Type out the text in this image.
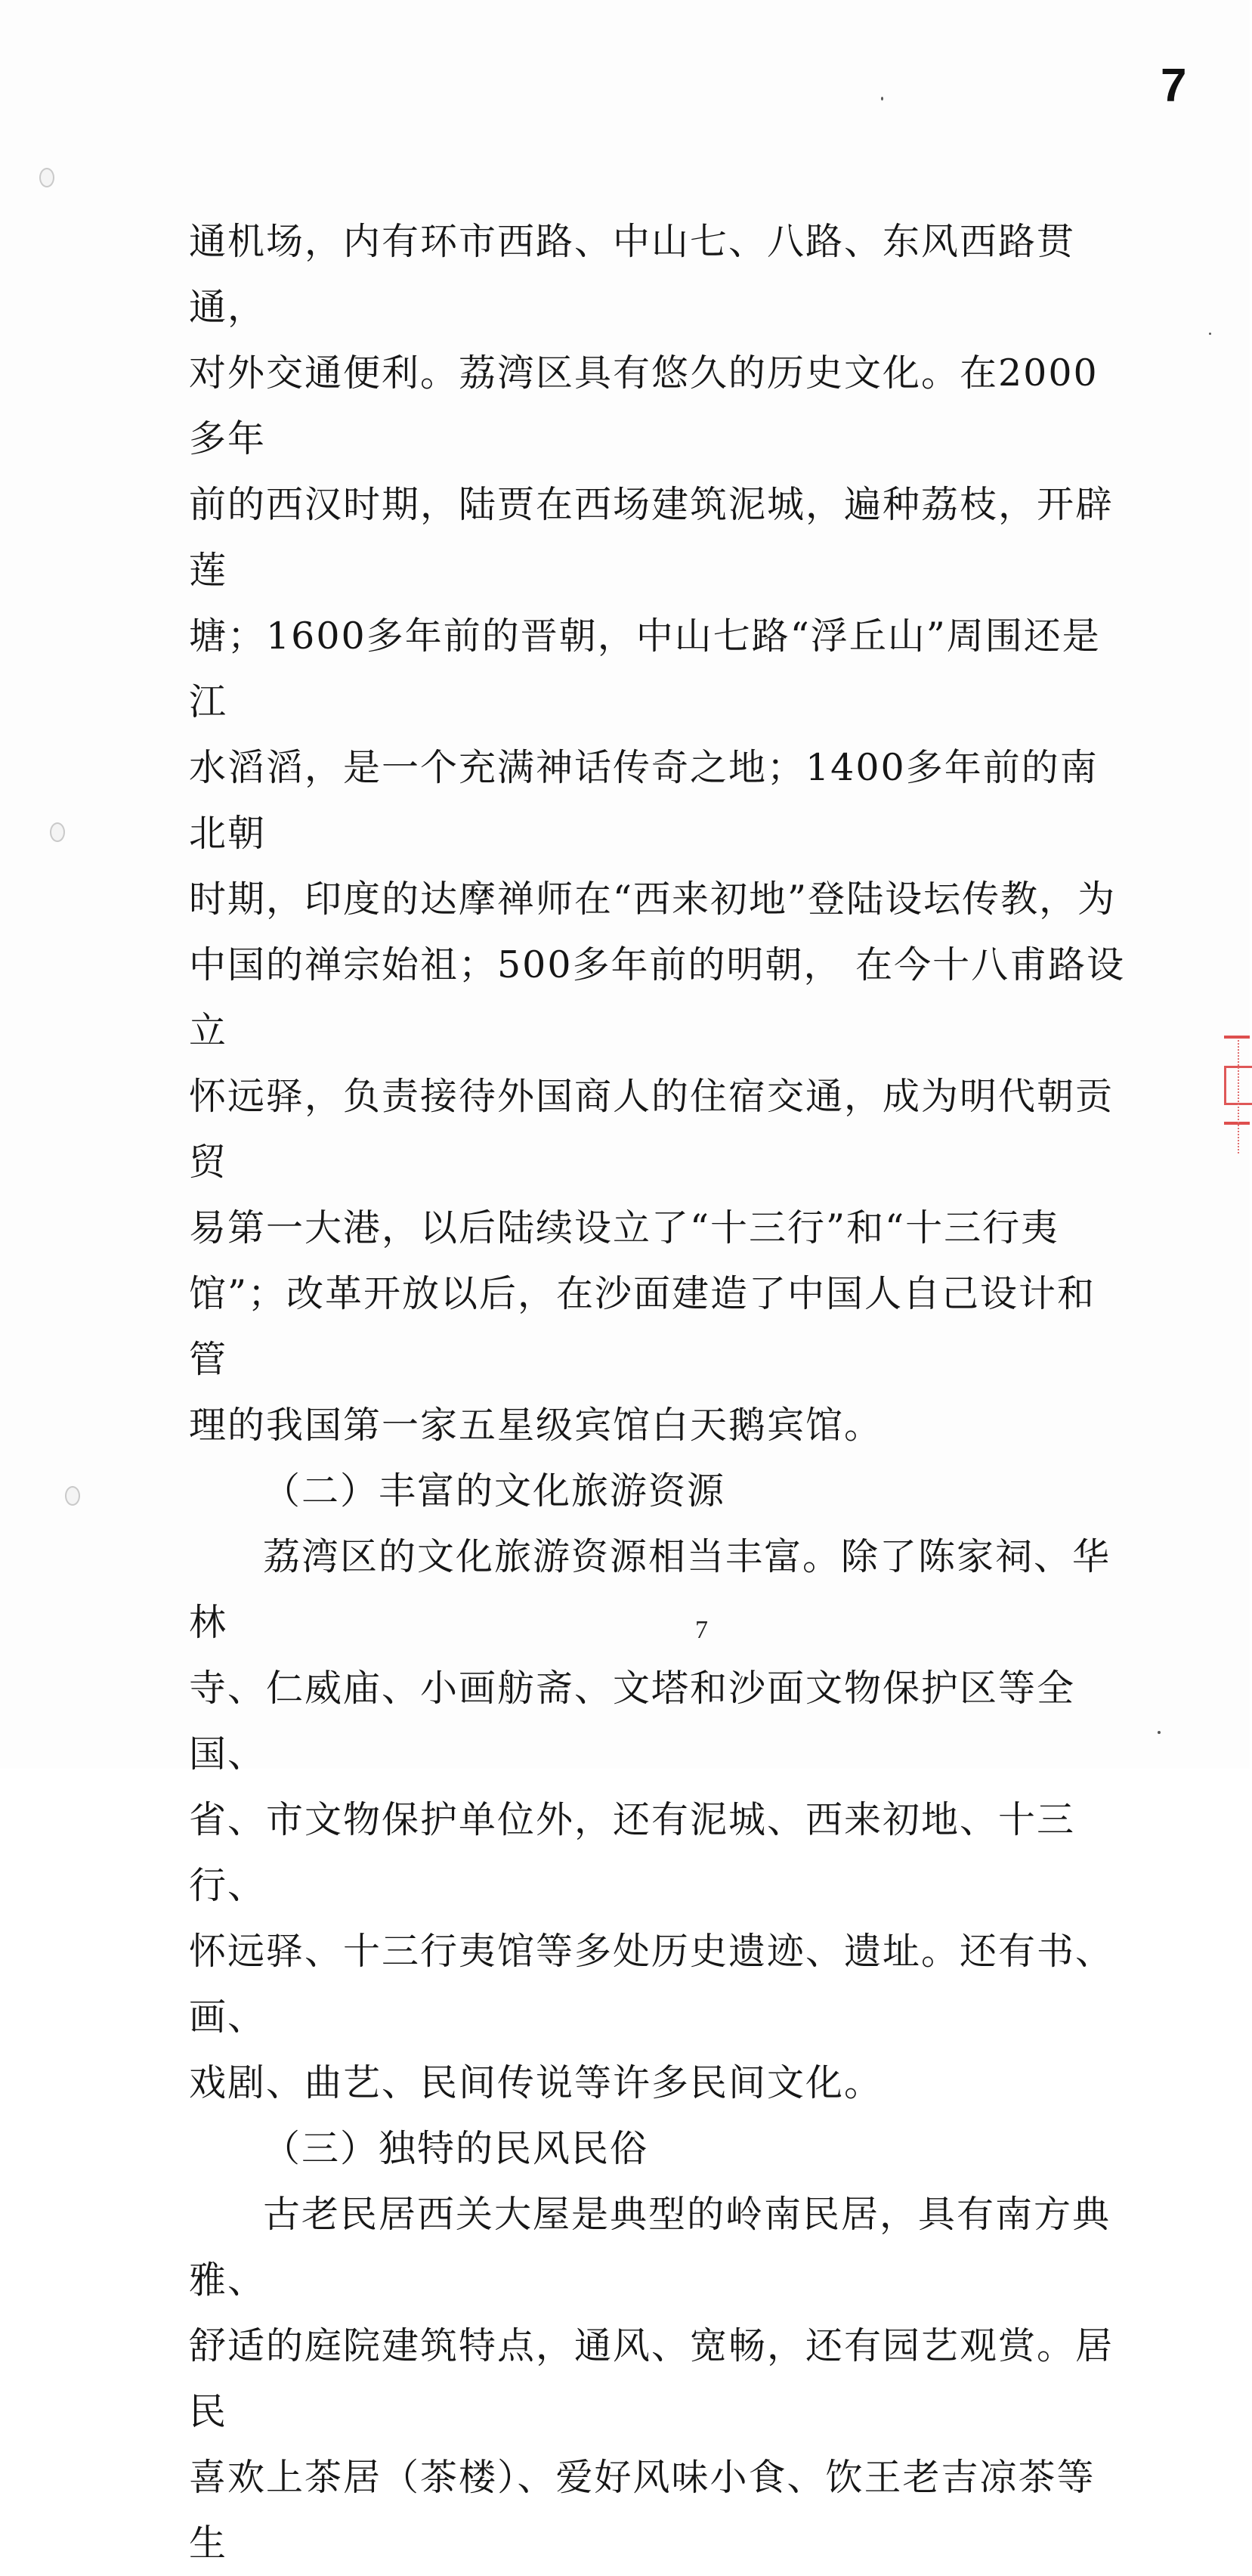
7

通机场，内有环市西路、中山七、八路、东风西路贯通，

对外交通便利。荔湾区具有悠久的历史文化。在2000多年

前的西汉时期，陆贾在西场建筑泥城，遍种荔枝，开辟莲

塘；1600多年前的晋朝，中山七路“浮丘山”周围还是江

水滔滔，是一个充满神话传奇之地；1400多年前的南北朝

时期，印度的达摩禅师在“西来初地”登陆设坛传教，为

中国的禅宗始祖；500多年前的明朝， 在今十八甫路设立

怀远驿，负责接待外国商人的住宿交通，成为明代朝贡贸

易第一大港，以后陆续设立了“十三行”和“十三行夷

馆”；改革开放以后，在沙面建造了中国人自己设计和管

理的我国第一家五星级宾馆白天鹅宾馆。

（二）丰富的文化旅游资源

荔湾区的文化旅游资源相当丰富。除了陈家祠、华林

寺、仁威庙、小画舫斋、文塔和沙面文物保护区等全国、

省、市文物保护单位外，还有泥城、西来初地、十三行、

怀远驿、十三行夷馆等多处历史遗迹、遗址。还有书、画、

戏剧、曲艺、民间传说等许多民间文化。

（三）独特的民风民俗

古老民居西关大屋是典型的岭南民居，具有南方典雅、

舒适的庭院建筑特点，通风、宽畅，还有园艺观赏。居民

喜欢上茶居（茶楼）、爱好风味小食、饮王老吉凉茶等生

7
